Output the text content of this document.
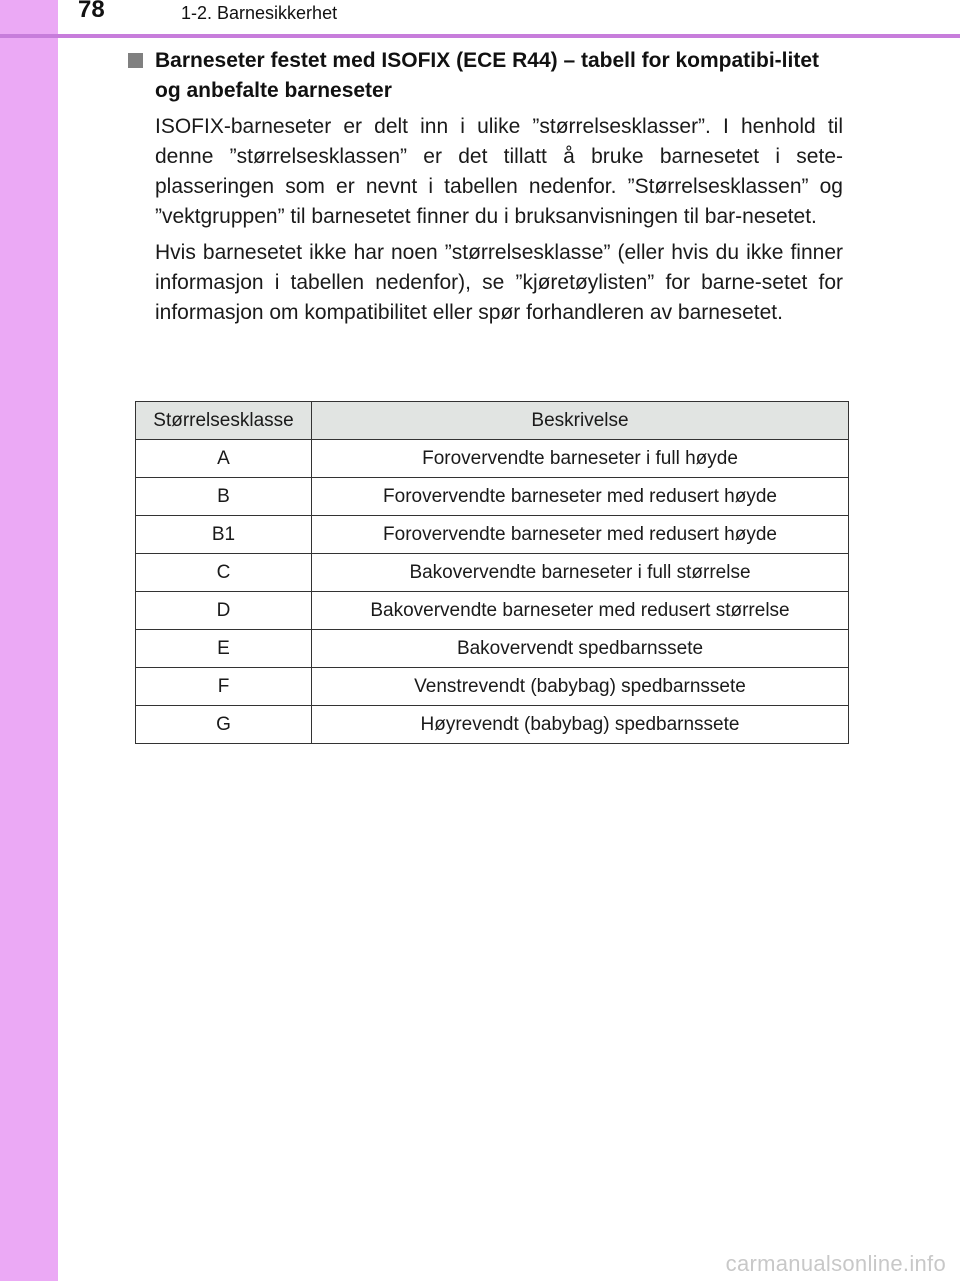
78	1-2. Barnesikkerhet
Barneseter festet med ISOFIX (ECE R44) – tabell for kompatibi-litet og anbefalte barneseter

ISOFIX-barneseter er delt inn i ulike ”størrelsesklasser”. I henhold til denne ”størrelsesklassen” er det tillatt å bruke barnesetet i sete-plasseringen som er nevnt i tabellen nedenfor. ”Størrelsesklassen” og ”vektgruppen” til barnesetet finner du i bruksanvisningen til bar-nesetet.

Hvis barnesetet ikke har noen ”størrelsesklasse” (eller hvis du ikke finner informasjon i tabellen nedenfor), se ”kjøretøylisten” for barne-setet for informasjon om kompatibilitet eller spør forhandleren av barnesetet.

Størrelsesklasse	Beskrivelse
A	Forovervendte barneseter i full høyde
B	Forovervendte barneseter med redusert høyde
B1	Forovervendte barneseter med redusert høyde
C	Bakovervendte barneseter i full størrelse
D	Bakovervendte barneseter med redusert størrelse
E	Bakovervendt spedbarnssete
F	Venstrevendt (babybag) spedbarnssete
G	Høyrevendt (babybag) spedbarnssete
carmanualsonline.info
